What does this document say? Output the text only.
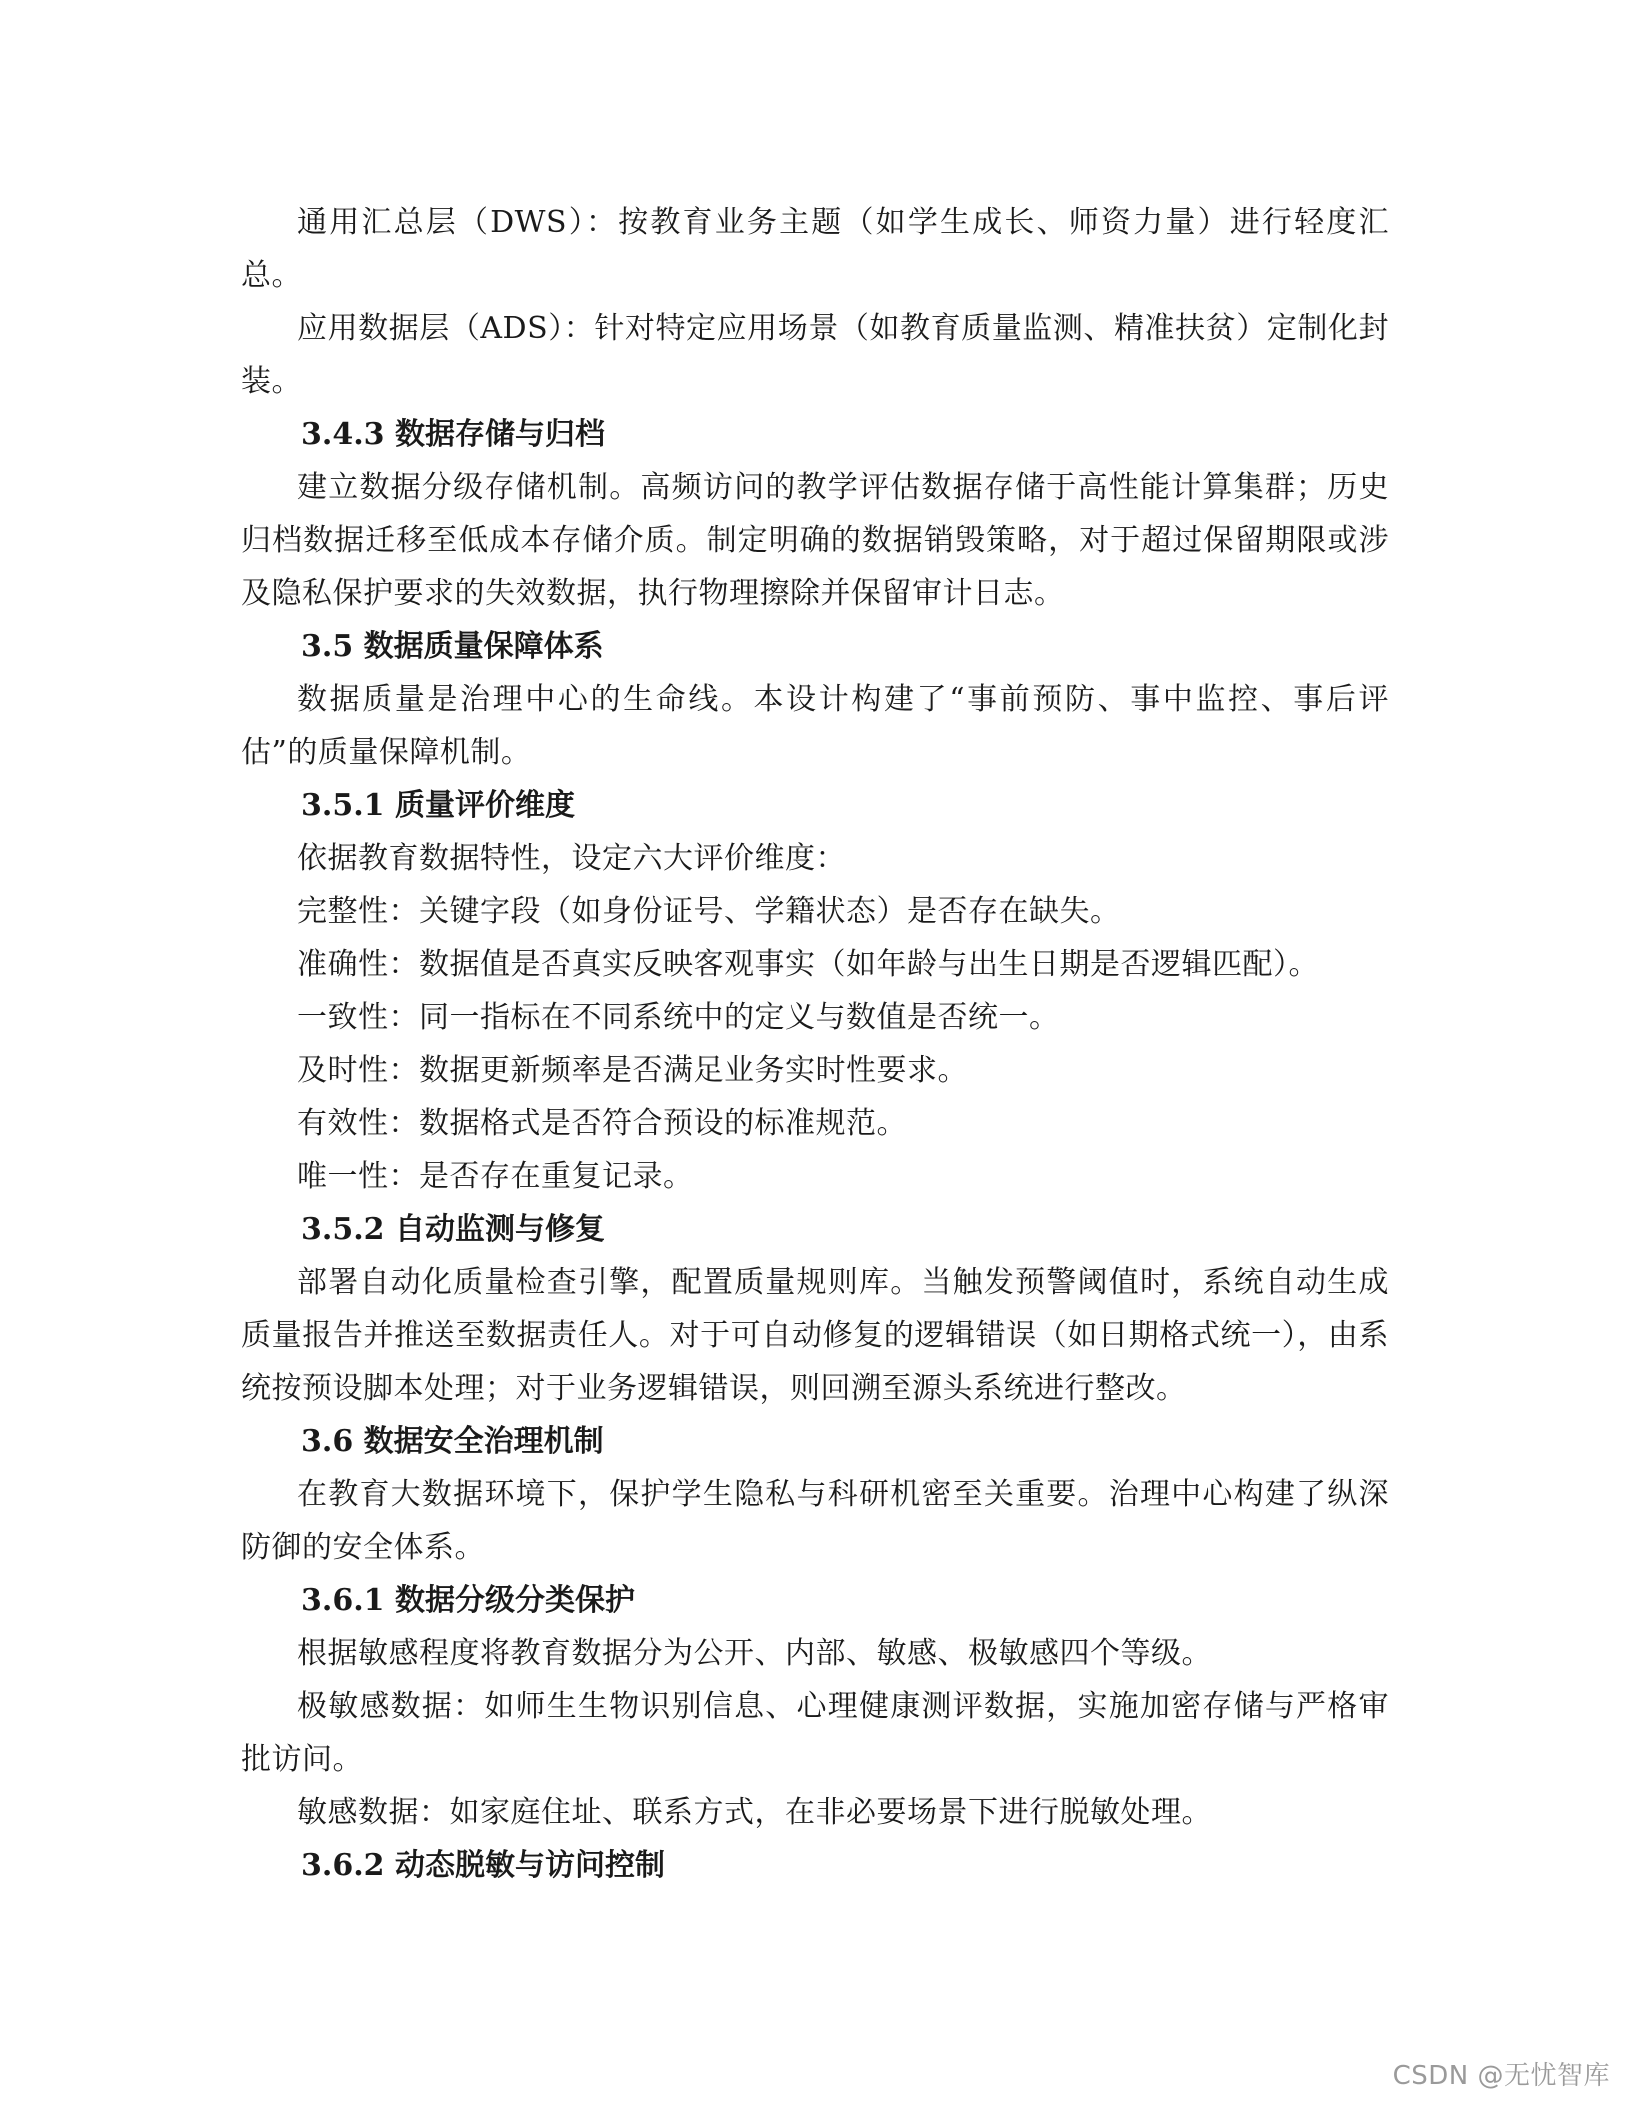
通用汇总层（DWS）：按教育业务主题（如学生成长、师资力量）进行轻度汇总。

应用数据层（ADS）：针对特定应用场景（如教育质量监测、精准扶贫）定制化封装。

3.4.3 数据存储与归档

建立数据分级存储机制。高频访问的教学评估数据存储于高性能计算集群；历史归档数据迁移至低成本存储介质。制定明确的数据销毁策略，对于超过保留期限或涉及隐私保护要求的失效数据，执行物理擦除并保留审计日志。

3.5 数据质量保障体系

数据质量是治理中心的生命线。本设计构建了“事前预防、事中监控、事后评估”的质量保障机制。

3.5.1 质量评价维度

依据教育数据特性，设定六大评价维度：

完整性：关键字段（如身份证号、学籍状态）是否存在缺失。

准确性：数据值是否真实反映客观事实（如年龄与出生日期是否逻辑匹配）。

一致性：同一指标在不同系统中的定义与数值是否统一。

及时性：数据更新频率是否满足业务实时性要求。

有效性：数据格式是否符合预设的标准规范。

唯一性：是否存在重复记录。

3.5.2 自动监测与修复

部署自动化质量检查引擎，配置质量规则库。当触发预警阈值时，系统自动生成质量报告并推送至数据责任人。对于可自动修复的逻辑错误（如日期格式统一），由系统按预设脚本处理；对于业务逻辑错误，则回溯至源头系统进行整改。

3.6 数据安全治理机制

在教育大数据环境下，保护学生隐私与科研机密至关重要。治理中心构建了纵深防御的安全体系。

3.6.1 数据分级分类保护

根据敏感程度将教育数据分为公开、内部、敏感、极敏感四个等级。

极敏感数据：如师生生物识别信息、心理健康测评数据，实施加密存储与严格审批访问。

敏感数据：如家庭住址、联系方式，在非必要场景下进行脱敏处理。

3.6.2 动态脱敏与访问控制

CSDN @无忧智库
